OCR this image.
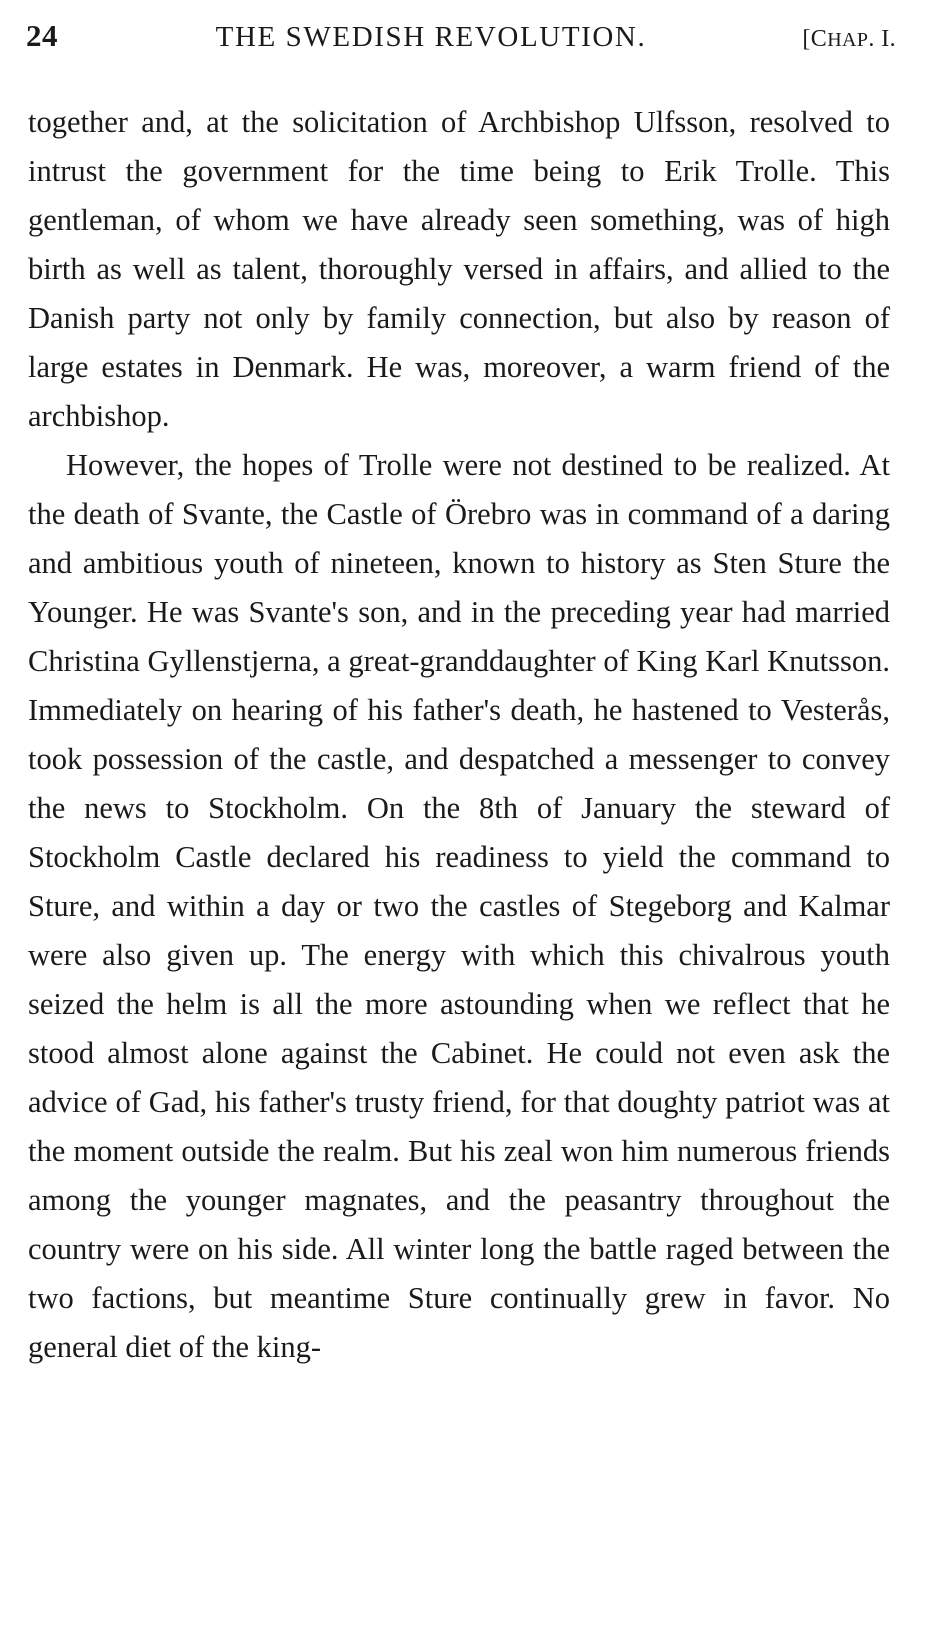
24	THE SWEDISH REVOLUTION.	[CHAP. I.

together and, at the solicitation of Archbishop Ulfsson, resolved to intrust the government for the time being to Erik Trolle. This gentleman, of whom we have already seen something, was of high birth as well as talent, thoroughly versed in affairs, and allied to the Danish party not only by family connection, but also by reason of large estates in Denmark. He was, moreover, a warm friend of the archbishop.

However, the hopes of Trolle were not destined to be realized. At the death of Svante, the Castle of Örebro was in command of a daring and ambitious youth of nineteen, known to history as Sten Sture the Younger. He was Svante's son, and in the preceding year had married Christina Gyllenstjerna, a great-granddaughter of King Karl Knutsson. Immediately on hearing of his father's death, he hastened to Vesterås, took possession of the castle, and despatched a messenger to convey the news to Stockholm. On the 8th of January the steward of Stockholm Castle declared his readiness to yield the command to Sture, and within a day or two the castles of Stegeborg and Kalmar were also given up. The energy with which this chivalrous youth seized the helm is all the more astounding when we reflect that he stood almost alone against the Cabinet. He could not even ask the advice of Gad, his father's trusty friend, for that doughty patriot was at the moment outside the realm. But his zeal won him numerous friends among the younger magnates, and the peasantry throughout the country were on his side. All winter long the battle raged between the two factions, but meantime Sture continually grew in favor. No general diet of the king-
